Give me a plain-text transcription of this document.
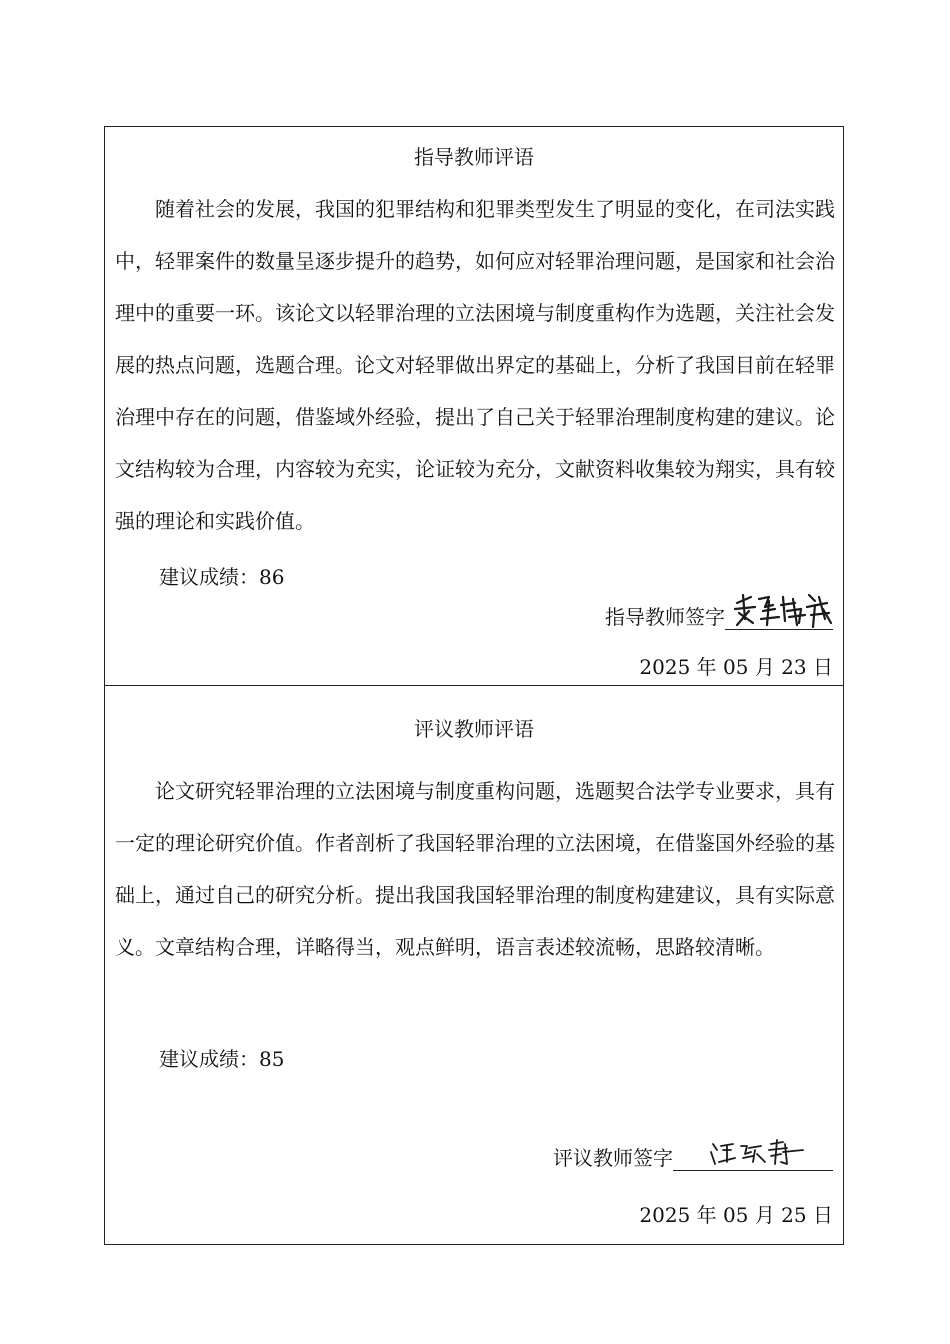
指导教师评语

随着社会的发展，我国的犯罪结构和犯罪类型发生了明显的变化，在司法实践中，轻罪案件的数量呈逐步提升的趋势，如何应对轻罪治理问题，是国家和社会治理中的重要一环。该论文以轻罪治理的立法困境与制度重构作为选题，关注社会发展的热点问题，选题合理。论文对轻罪做出界定的基础上，分析了我国目前在轻罪治理中存在的问题，借鉴域外经验，提出了自己关于轻罪治理制度构建的建议。论文结构较为合理，内容较为充实，论证较为充分，文献资料收集较为翔实，具有较强的理论和实践价值。

建议成绩：86
指导教师签字
2025 年 05 月 23 日
评议教师评语

论文研究轻罪治理的立法困境与制度重构问题，选题契合法学专业要求，具有一定的理论研究价值。作者剖析了我国轻罪治理的立法困境，在借鉴国外经验的基础上，通过自己的研究分析。提出我国我国轻罪治理的制度构建建议，具有实际意义。文章结构合理，详略得当，观点鲜明，语言表述较流畅，思路较清晰。

建议成绩：85
评议教师签字
2025 年 05 月 25 日
